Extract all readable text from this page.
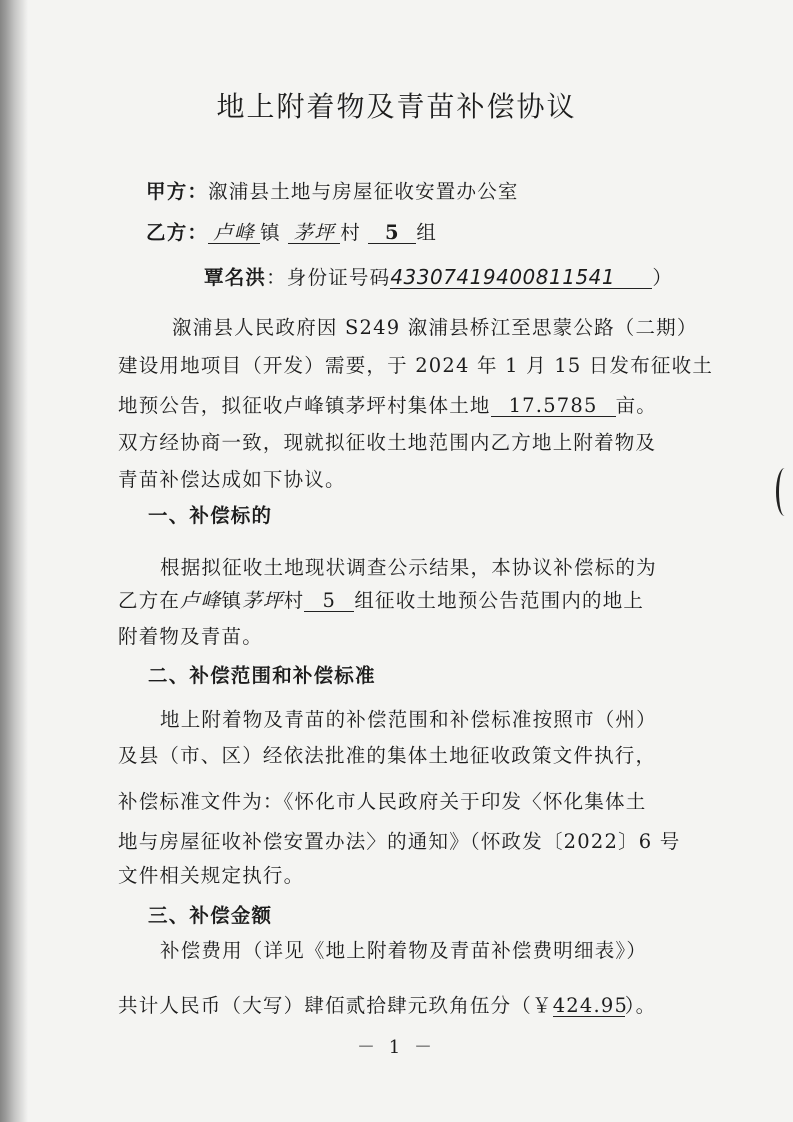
地上附着物及青苗补偿协议
甲方：溆浦县土地与房屋征收安置办公室
乙方： 卢峰 镇 茅坪 村 5 组
覃名洪：身份证号码43307419400811541 ）
溆浦县人民政府因 S249 溆浦县桥江至思蒙公路（二期）
建设用地项目（开发）需要，于 2024 年 1 月 15 日发布征收土
地预公告，拟征收卢峰镇茅坪村集体土地 17.5785 亩。
双方经协商一致，现就拟征收土地范围内乙方地上附着物及
青苗补偿达成如下协议。
一、补偿标的
根据拟征收土地现状调查公示结果，本协议补偿标的为
乙方在卢峰镇茅坪村 5 组征收土地预公告范围内的地上
附着物及青苗。
二、补偿范围和补偿标准
地上附着物及青苗的补偿范围和补偿标准按照市（州）
及县（市、区）经依法批准的集体土地征收政策文件执行，
补偿标准文件为：《怀化市人民政府关于印发〈怀化集体土
地与房屋征收补偿安置办法〉的通知》（怀政发〔2022〕6 号
文件相关规定执行。
三、补偿金额
补偿费用（详见《地上附着物及青苗补偿费明细表》）
共计人民币（大写）肆佰贰拾肆元玖角伍分（￥424.95）。
－ 1 －
